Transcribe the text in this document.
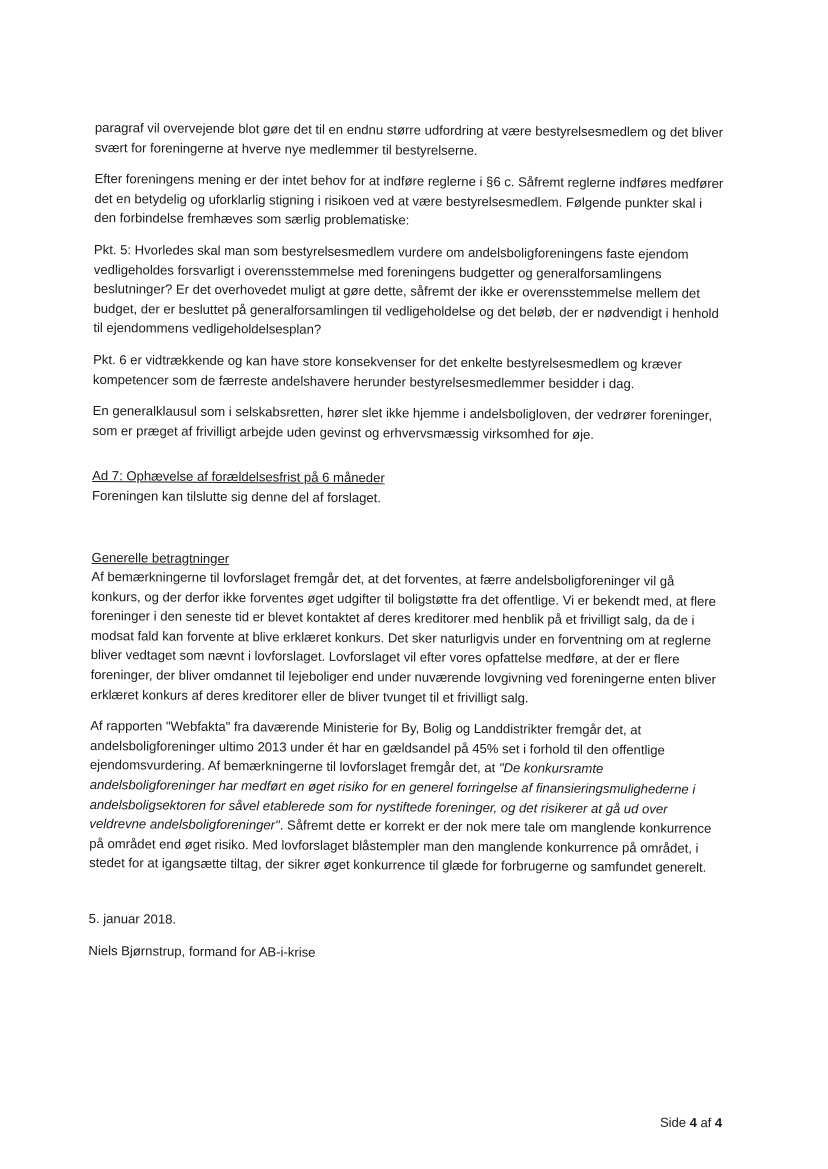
paragraf vil overvejende blot gøre det til en endnu større udfordring at være bestyrelsesmedlem og det bliver svært for foreningerne at hverve nye medlemmer til bestyrelserne.

Efter foreningens mening er der intet behov for at indføre reglerne i §6 c. Såfremt reglerne indføres medfører det en betydelig og uforklarlig stigning i risikoen ved at være bestyrelsesmedlem. Følgende punkter skal i den forbindelse fremhæves som særlig problematiske:

Pkt. 5: Hvorledes skal man som bestyrelsesmedlem vurdere om andelsboligforeningens faste ejendom vedligeholdes forsvarligt i overensstemmelse med foreningens budgetter og generalforsamlingens beslutninger? Er det overhovedet muligt at gøre dette, såfremt der ikke er overensstemmelse mellem det budget, der er besluttet på generalforsamlingen til vedligeholdelse og det beløb, der er nødvendigt i henhold til ejendommens vedligeholdelsesplan?

Pkt. 6 er vidtrækkende og kan have store konsekvenser for det enkelte bestyrelsesmedlem og kræver kompetencer som de færreste andelshavere herunder bestyrelsesmedlemmer besidder i dag.

En generalklausul som i selskabsretten, hører slet ikke hjemme i andelsboligloven, der vedrører foreninger, som er præget af frivilligt arbejde uden gevinst og erhvervsmæssig virksomhed for øje.

Ad 7: Ophævelse af forældelsesfrist på 6 måneder

Foreningen kan tilslutte sig denne del af forslaget.

Generelle betragtninger

Af bemærkningerne til lovforslaget fremgår det, at det forventes, at færre andelsboligforeninger vil gå konkurs, og der derfor ikke forventes øget udgifter til boligstøtte fra det offentlige. Vi er bekendt med, at flere foreninger i den seneste tid er blevet kontaktet af deres kreditorer med henblik på et frivilligt salg, da de i modsat fald kan forvente at blive erklæret konkurs. Det sker naturligvis under en forventning om at reglerne bliver vedtaget som nævnt i lovforslaget. Lovforslaget vil efter vores opfattelse medføre, at der er flere foreninger, der bliver omdannet til lejeboliger end under nuværende lovgivning ved foreningerne enten bliver erklæret konkurs af deres kreditorer eller de bliver tvunget til et frivilligt salg.

Af rapporten "Webfakta" fra daværende Ministerie for By, Bolig og Landdistrikter fremgår det, at andelsboligforeninger ultimo 2013 under ét har en gældsandel på 45% set i forhold til den offentlige ejendomsvurdering. Af bemærkningerne til lovforslaget fremgår det, at "De konkursramte andelsboligforeninger har medført en øget risiko for en generel forringelse af finansieringsmulighederne i andelsboligsektoren for såvel etablerede som for nystiftede foreninger, og det risikerer at gå ud over veldrevne andelsboligforeninger". Såfremt dette er korrekt er der nok mere tale om manglende konkurrence på området end øget risiko. Med lovforslaget blåstempler man den manglende konkurrence på området, i stedet for at igangsætte tiltag, der sikrer øget konkurrence til glæde for forbrugerne og samfundet generelt.

5. januar 2018.

Niels Bjørnstrup, formand for AB-i-krise

Side 4 af 4
